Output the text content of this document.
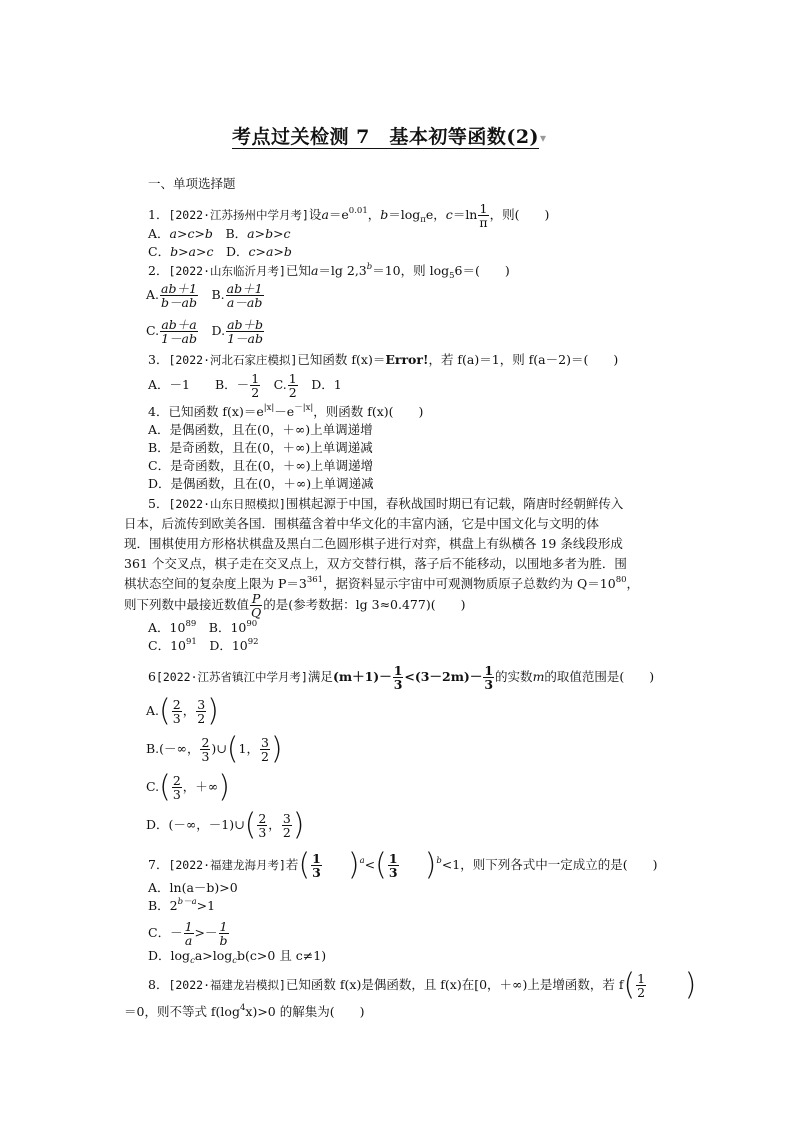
考点过关检测 7　基本初等函数(2)▾
一、单项选择题
1．[2022·江苏扬州中学月考]设$a=e^{0.01}$，$b=\log_\pi e$，$c=\ln \frac{1}{\pi}$ ，则(　　)
A．a>c>b　 B．a>b>c
C．b>a>c　 D．c>a>b
2．[2022·山东临沂月考]已知a＝lg 2,3$^b$＝10，则 $\log_56=$(　　)
A. $\frac{ab+1}{b-ab}$
　 B. $\frac{ab+1}{a-ab}$
C. $\frac{ab+a}{1-ab}$
　 D. $\frac{ab+b}{1-ab}$
3．[2022·河北石家庄模拟]已知函数 f(x)＝Error!，若 f(a)＝1，则 f(a－2)＝(　　)
A．－1　　 B．－ $\frac{1}{2}$
　 C. $\frac{1}{2}$
　 D．1
4．已知函数 $f(x)=e^{|x|}-e^{-|x|}$，则函数 f(x)(　　)
A．是偶函数，且在(0，＋∞)上单调递增
B．是奇函数，且在(0，＋∞)上单调递减
C．是奇函数，且在(0，＋∞)上单调递增
D．是偶函数，且在(0，＋∞)上单调递减
5．[2022·山东日照模拟]围棋起源于中国，春秋战国时期已有记载，隋唐时经朝鲜传入
日本，后流传到欧美各国．围棋蕴含着中华文化的丰富内涵，它是中国文化与文明的体
现．围棋使用方形格状棋盘及黑白二色圆形棋子进行对弈，棋盘上有纵横各 19 条线段形成
361 个交叉点，棋子走在交叉点上，双方交替行棋，落子后不能移动，以围地多者为胜．围
棋状态空间的复杂度上限为 $P=3^{361}$，据资料显示宇宙中可观测物质原子总数约为 $Q=10^{80}$，
则下列数中最接近数值 $\frac{P}{Q}$ 的是(参考数据：lg 3≈0.477)(　　)
A．$10^{89}$　 B．$10^{90}$
C．$10^{91}$　 D．$10^{92}$
6[2022·江苏省镇江中学月考]满足$(m+1)- \frac{1}{3} <(3-2m)- \frac{1}{3}$ 的实数m的取值范围是(　　)
$A.( \frac{2}{3}$ ， $\frac{3}{2}$ )
B.(－∞， $\frac{2}{3}$ )∪(1， $\frac{3}{2}$ )
$C.( \frac{2}{3}$ ，＋∞)
D．(－∞，－1)∪( $\frac{2}{3}$ ， $\frac{3}{2}$ )
7．[2022·福建龙海月考]若( $\frac{1}{3}$
　　 )$^a<( \frac{1}{3}$
　　 )$^b$<1，则下列各式中一定成立的是(　　)
A．ln(a－b)>0
B．$2^{b-a}>1$
C．－ $\frac{1}{a} >- \frac{1}{b}$
D．$\log_ca>\log_cb(c>0$ 且 c≠1)
8．[2022·福建龙岩模拟]已知函数 f(x)是偶函数，且 f(x)在[0，＋∞)上是增函数，若 $f( \frac{1}{2}$
　　　 )
＝0，则不等式 $f(\log^4x)>0$ 的解集为(　　)
